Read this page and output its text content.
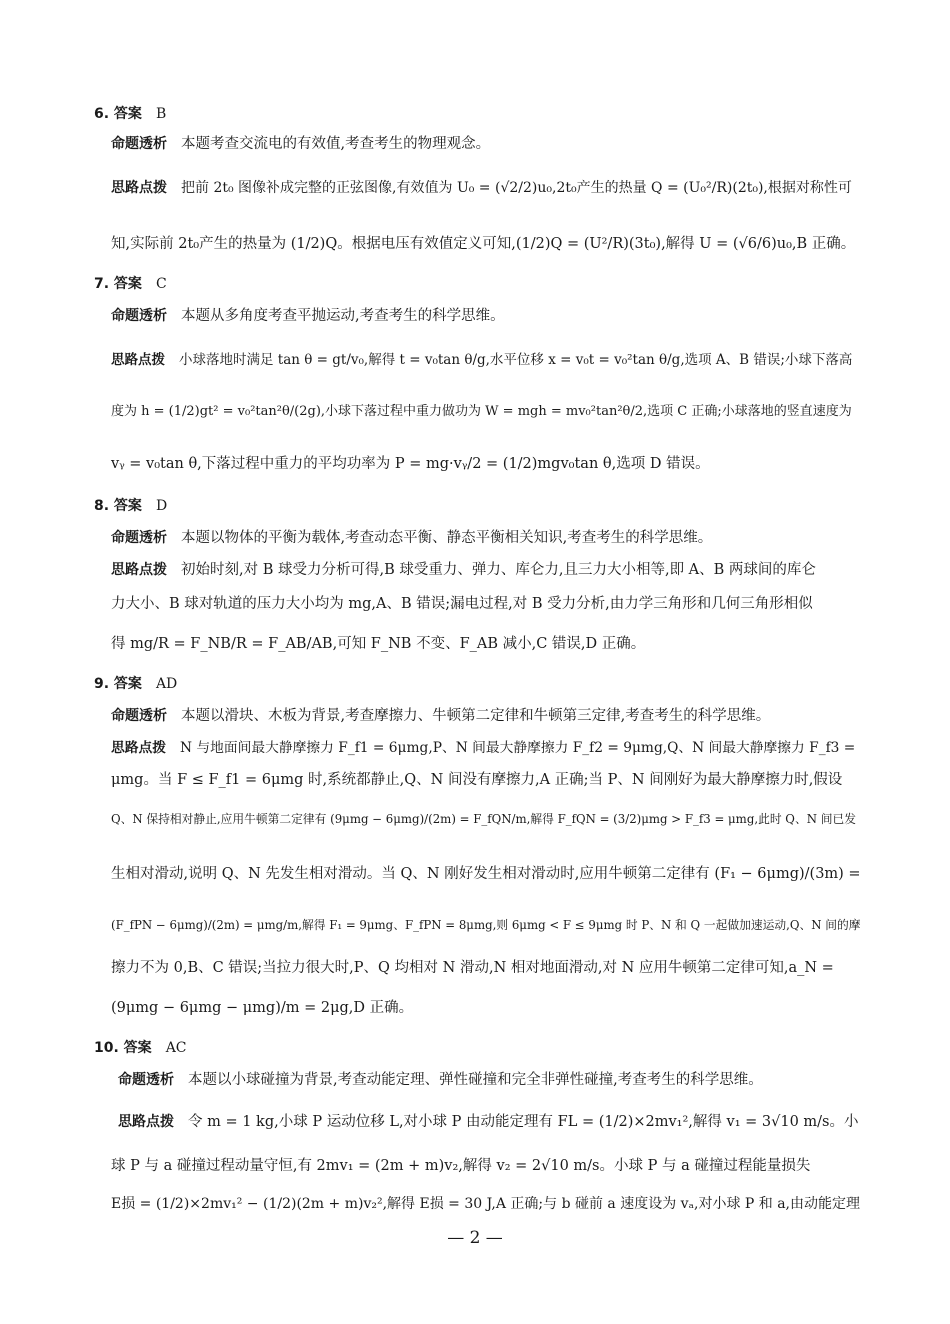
6. 答案 B
命题透析 本题考查交流电的有效值,考查考生的物理观念。
思路点拨 把前 2t₀ 图像补成完整的正弦图像,有效值为 U₀ = (√2/2)u₀,2t₀产生的热量 Q = (U₀²/R)(2t₀),根据对称性可
知,实际前 2t₀产生的热量为 (1/2)Q。根据电压有效值定义可知,(1/2)Q = (U²/R)(3t₀),解得 U = (√6/6)u₀,B 正确。
7. 答案 C
命题透析 本题从多角度考查平抛运动,考查考生的科学思维。
思路点拨 小球落地时满足 tan θ = gt/v₀,解得 t = v₀tan θ/g,水平位移 x = v₀t = v₀²tan θ/g,选项 A、B 错误;小球下落高
度为 h = (1/2)gt² = v₀²tan²θ/(2g),小球下落过程中重力做功为 W = mgh = mv₀²tan²θ/2,选项 C 正确;小球落地的竖直速度为
vᵧ = v₀tan θ,下落过程中重力的平均功率为 P = mg·vᵧ/2 = (1/2)mgv₀tan θ,选项 D 错误。
8. 答案 D
命题透析 本题以物体的平衡为载体,考查动态平衡、静态平衡相关知识,考查考生的科学思维。
思路点拨 初始时刻,对 B 球受力分析可得,B 球受重力、弹力、库仑力,且三力大小相等,即 A、B 两球间的库仑
力大小、B 球对轨道的压力大小均为 mg,A、B 错误;漏电过程,对 B 受力分析,由力学三角形和几何三角形相似
得 mg/R = F_NB/R = F_AB/AB,可知 F_NB 不变、F_AB 减小,C 错误,D 正确。
9. 答案 AD
命题透析 本题以滑块、木板为背景,考查摩擦力、牛顿第二定律和牛顿第三定律,考查考生的科学思维。
思路点拨 N 与地面间最大静摩擦力 F_f1 = 6μmg,P、N 间最大静摩擦力 F_f2 = 9μmg,Q、N 间最大静摩擦力 F_f3 =
μmg。当 F ≤ F_f1 = 6μmg 时,系统都静止,Q、N 间没有摩擦力,A 正确;当 P、N 间刚好为最大静摩擦力时,假设
Q、N 保持相对静止,应用牛顿第二定律有 (9μmg − 6μmg)/(2m) = F_fQN/m,解得 F_fQN = (3/2)μmg > F_f3 = μmg,此时 Q、N 间已发
生相对滑动,说明 Q、N 先发生相对滑动。当 Q、N 刚好发生相对滑动时,应用牛顿第二定律有 (F₁ − 6μmg)/(3m) =
(F_fPN − 6μmg)/(2m) = μmg/m,解得 F₁ = 9μmg、F_fPN = 8μmg,则 6μmg < F ≤ 9μmg 时 P、N 和 Q 一起做加速运动,Q、N 间的摩
擦力不为 0,B、C 错误;当拉力很大时,P、Q 均相对 N 滑动,N 相对地面滑动,对 N 应用牛顿第二定律可知,a_N =
(9μmg − 6μmg − μmg)/m = 2μg,D 正确。
10. 答案 AC
命题透析 本题以小球碰撞为背景,考查动能定理、弹性碰撞和完全非弹性碰撞,考查考生的科学思维。
思路点拨 令 m = 1 kg,小球 P 运动位移 L,对小球 P 由动能定理有 FL = (1/2)×2mv₁²,解得 v₁ = 3√10 m/s。小
球 P 与 a 碰撞过程动量守恒,有 2mv₁ = (2m + m)v₂,解得 v₂ = 2√10 m/s。小球 P 与 a 碰撞过程能量损失
E损 = (1/2)×2mv₁² − (1/2)(2m + m)v₂²,解得 E损 = 30 J,A 正确;与 b 碰前 a 速度设为 vₐ,对小球 P 和 a,由动能定理
— 2 —
